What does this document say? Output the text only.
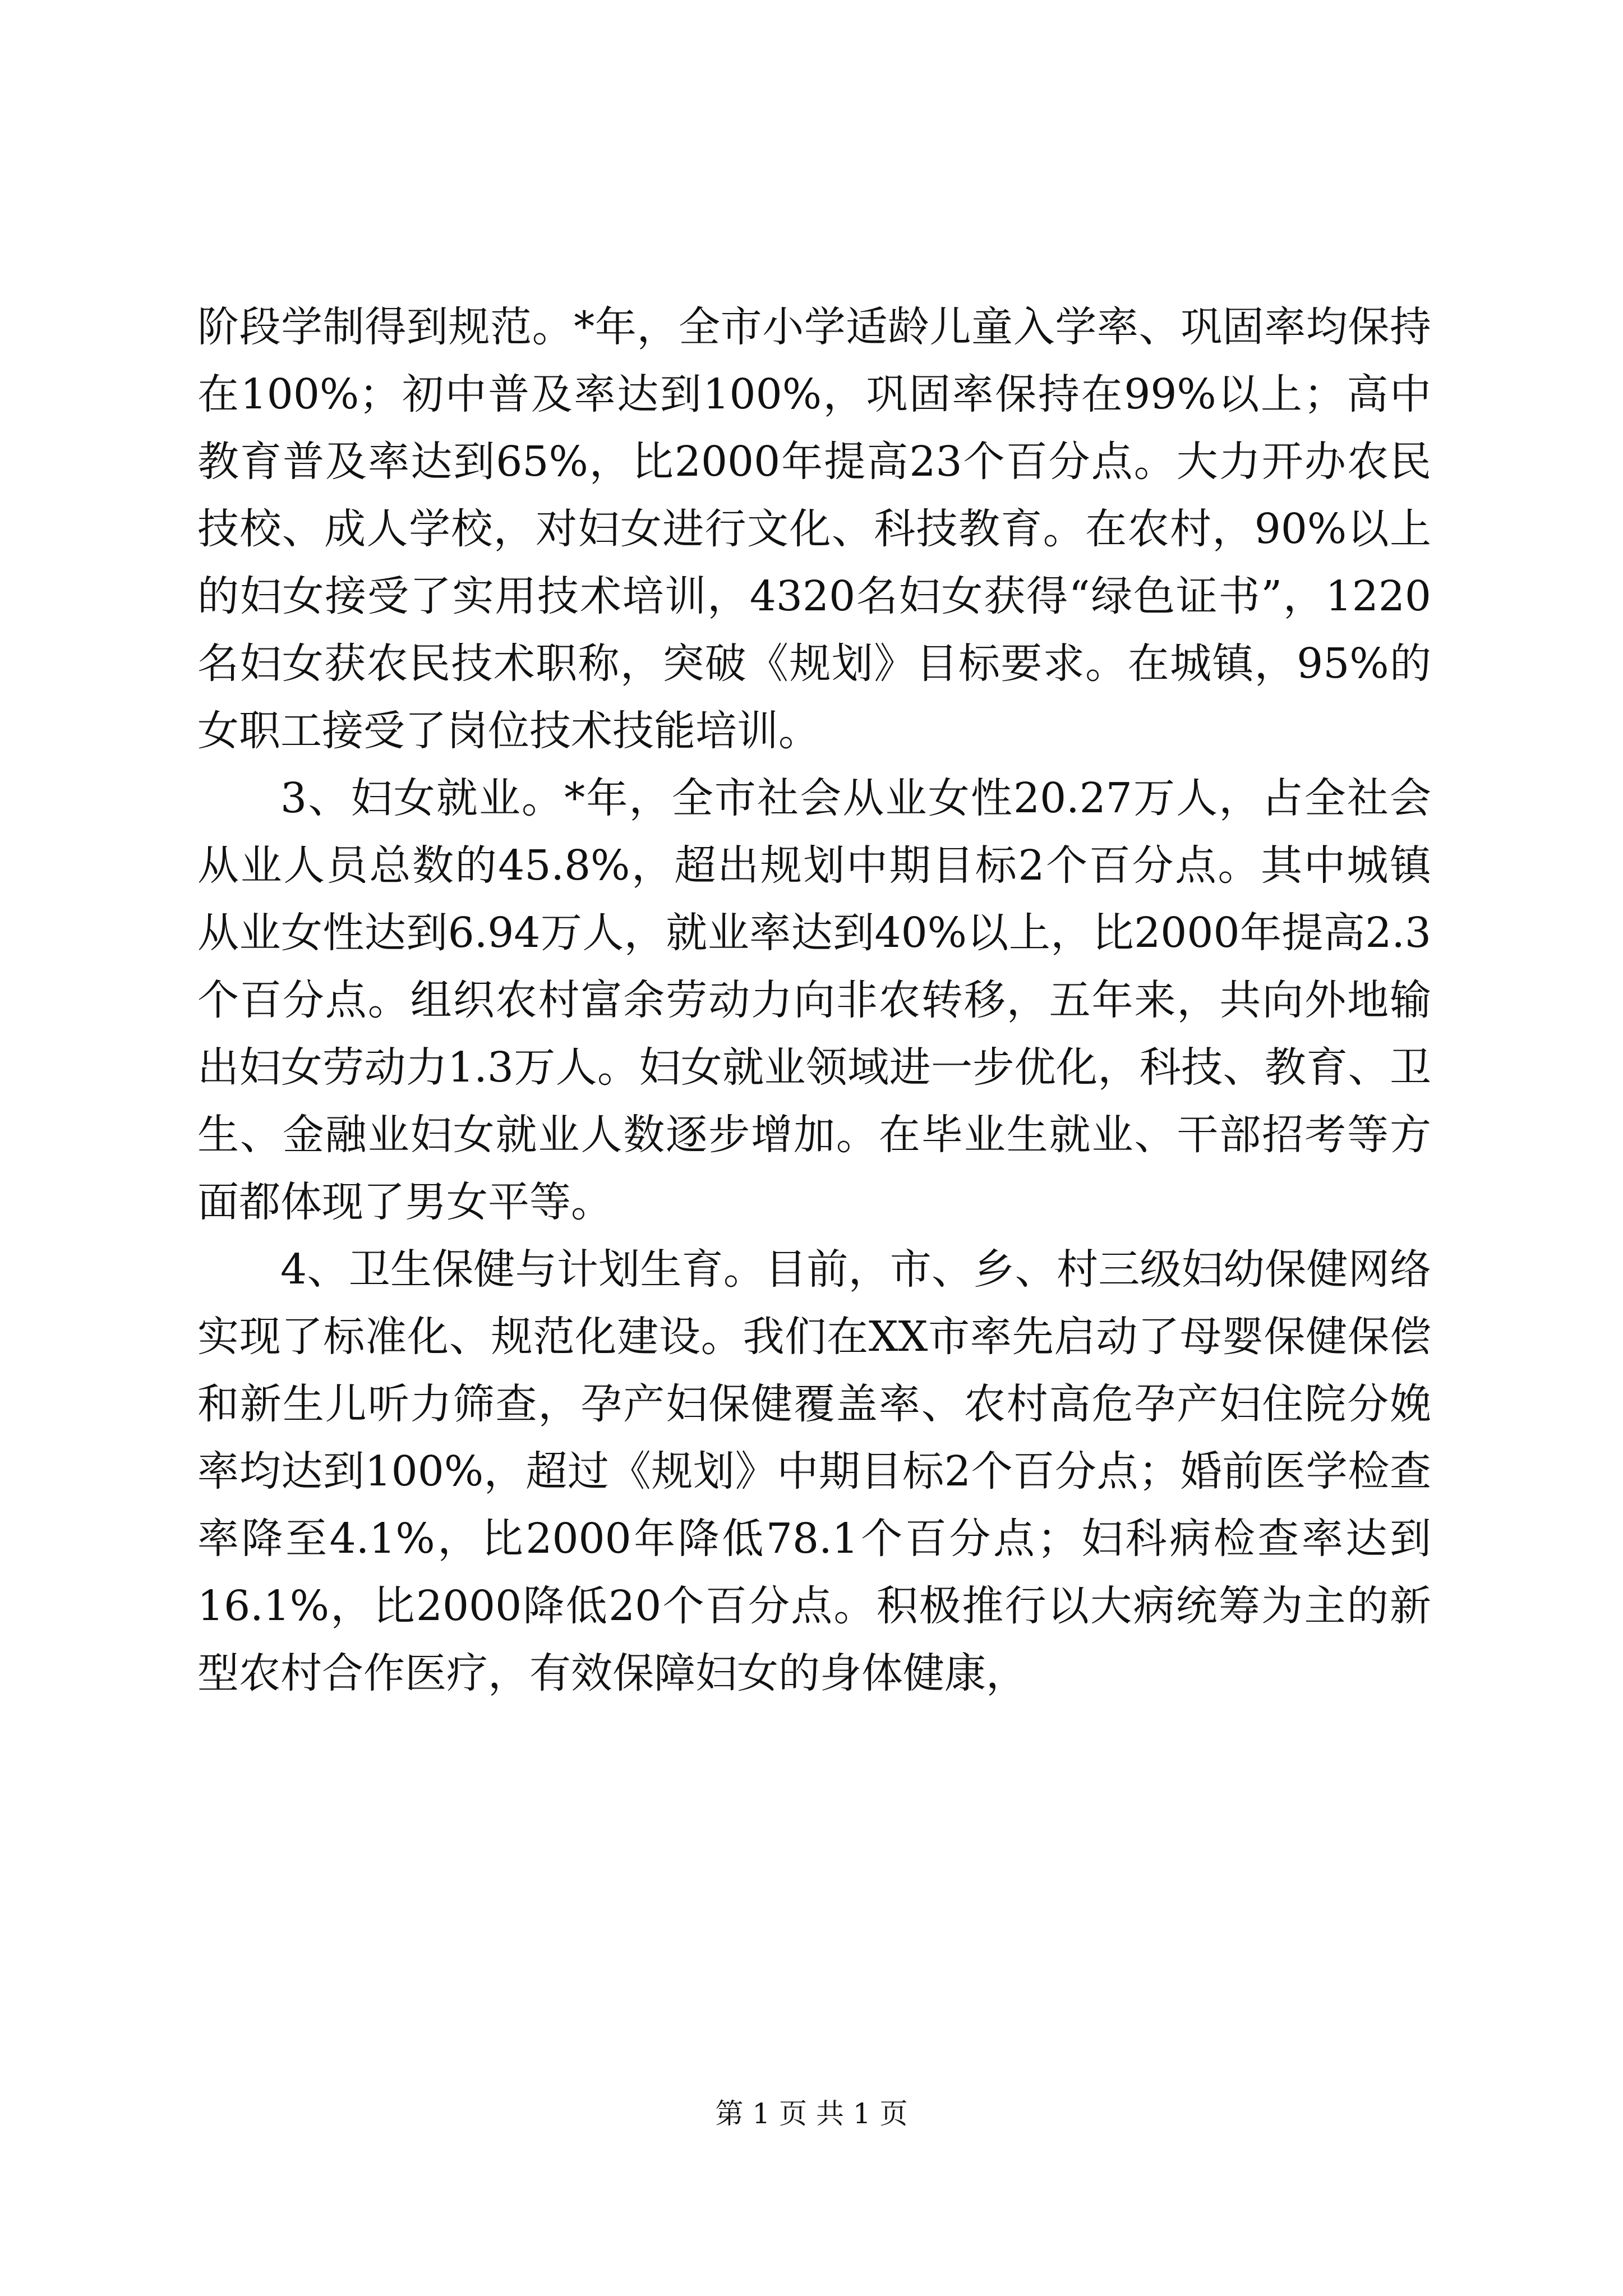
阶段学制得到规范。*年，全市小学适龄儿童入学率、巩固率均保持在100%；初中普及率达到100%，巩固率保持在99%以上；高中教育普及率达到65%，比2000年提高23个百分点。大力开办农民技校、成人学校，对妇女进行文化、科技教育。在农村，90%以上的妇女接受了实用技术培训，4320名妇女获得“绿色证书”，1220名妇女获农民技术职称，突破《规划》目标要求。在城镇，95%的女职工接受了岗位技术技能培训。

3、妇女就业。*年，全市社会从业女性20.27万人，占全社会从业人员总数的45.8%，超出规划中期目标2个百分点。其中城镇从业女性达到6.94万人，就业率达到40%以上，比2000年提高2.3个百分点。组织农村富余劳动力向非农转移，五年来，共向外地输出妇女劳动力1.3万人。妇女就业领域进一步优化，科技、教育、卫生、金融业妇女就业人数逐步增加。在毕业生就业、干部招考等方面都体现了男女平等。

4、卫生保健与计划生育。目前，市、乡、村三级妇幼保健网络实现了标准化、规范化建设。我们在XX市率先启动了母婴保健保偿和新生儿听力筛查，孕产妇保健覆盖率、农村高危孕产妇住院分娩率均达到100%，超过《规划》中期目标2个百分点；婚前医学检查率降至4.1%，比2000年降低78.1个百分点；妇科病检查率达到16.1%，比2000降低20个百分点。积极推行以大病统筹为主的新型农村合作医疗，有效保障妇女的身体健康，

第 1 页 共 1 页
